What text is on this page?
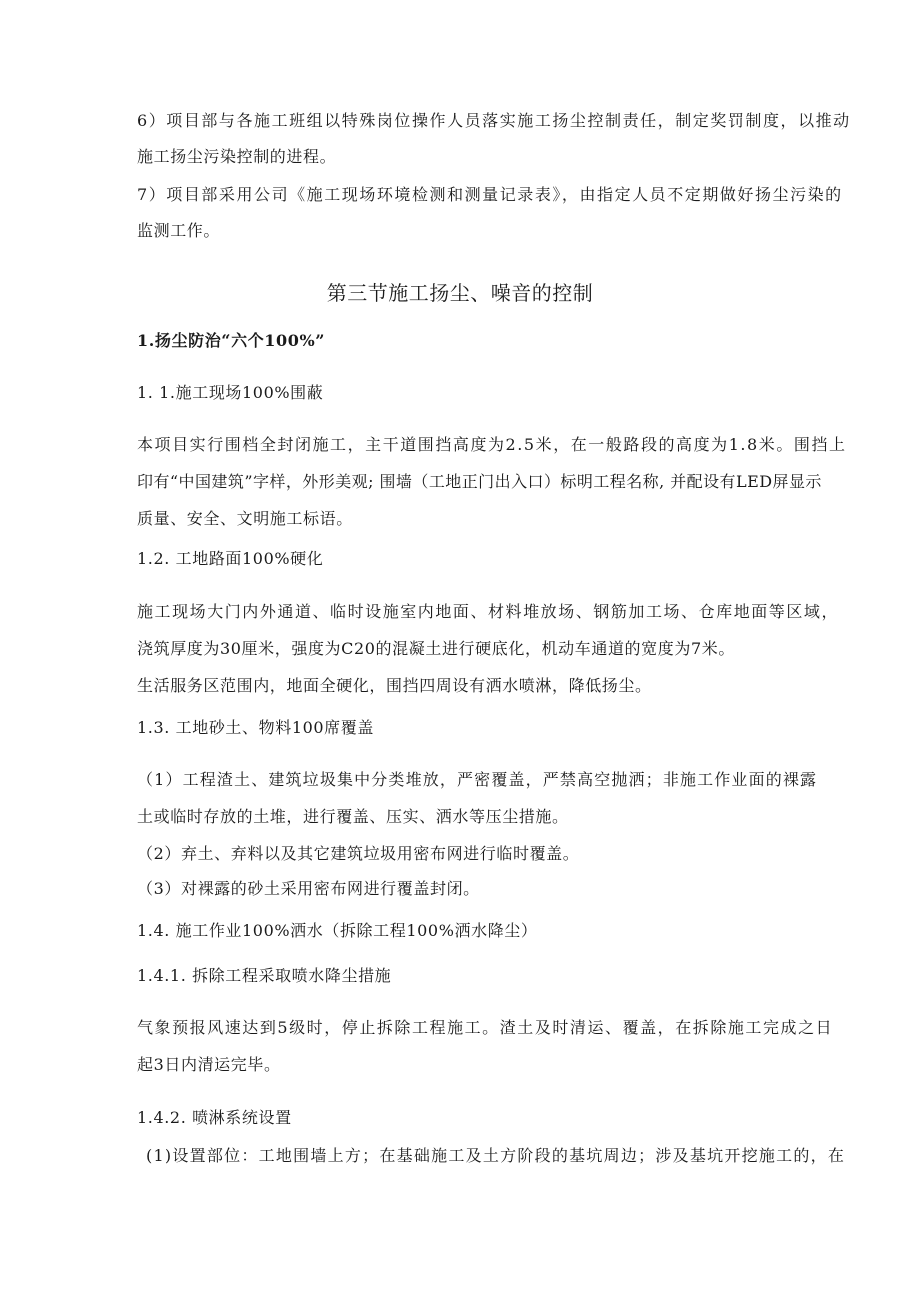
6）项目部与各施工班组以特殊岗位操作人员落实施工扬尘控制责任，制定奖罚制度，以推动
施工扬尘污染控制的进程。
7）项目部采用公司《施工现场环境检测和测量记录表》，由指定人员不定期做好扬尘污染的
监测工作。
第三节施工扬尘、噪音的控制
1.扬尘防治“六个100%”
1. 1.施工现场100%围蔽
本项目实行围档全封闭施工，主干道围挡高度为2.5米，在一般路段的高度为1.8米。围挡上
印有“中国建筑”字样，外形美观; 围墙（工地正门出入口）标明工程名称, 并配设有LED屏显示
质量、安全、文明施工标语。
1.2. 工地路面100%硬化
施工现场大门内外通道、临时设施室内地面、材料堆放场、钢筋加工场、仓库地面等区域，
浇筑厚度为30厘米，强度为C20的混凝土进行硬底化，机动车通道的宽度为7米。
生活服务区范围内，地面全硬化，围挡四周设有洒水喷淋，降低扬尘。
1.3. 工地砂土、物料100席覆盖
（1）工程渣土、建筑垃圾集中分类堆放，严密覆盖，严禁高空抛洒；非施工作业面的裸露
土或临时存放的土堆，进行覆盖、压实、洒水等压尘措施。
（2）弃土、弃料以及其它建筑垃圾用密布网进行临时覆盖。
（3）对裸露的砂土采用密布网进行覆盖封闭。
1.4. 施工作业100%洒水（拆除工程100%洒水降尘）
1.4.1. 拆除工程采取喷水降尘措施
气象预报风速达到5级时，停止拆除工程施工。渣土及时清运、覆盖，在拆除施工完成之日
起3日内清运完毕。
1.4.2. 喷淋系统设置
(1)设置部位：工地围墙上方；在基础施工及土方阶段的基坑周边；涉及基坑开挖施工的，在
